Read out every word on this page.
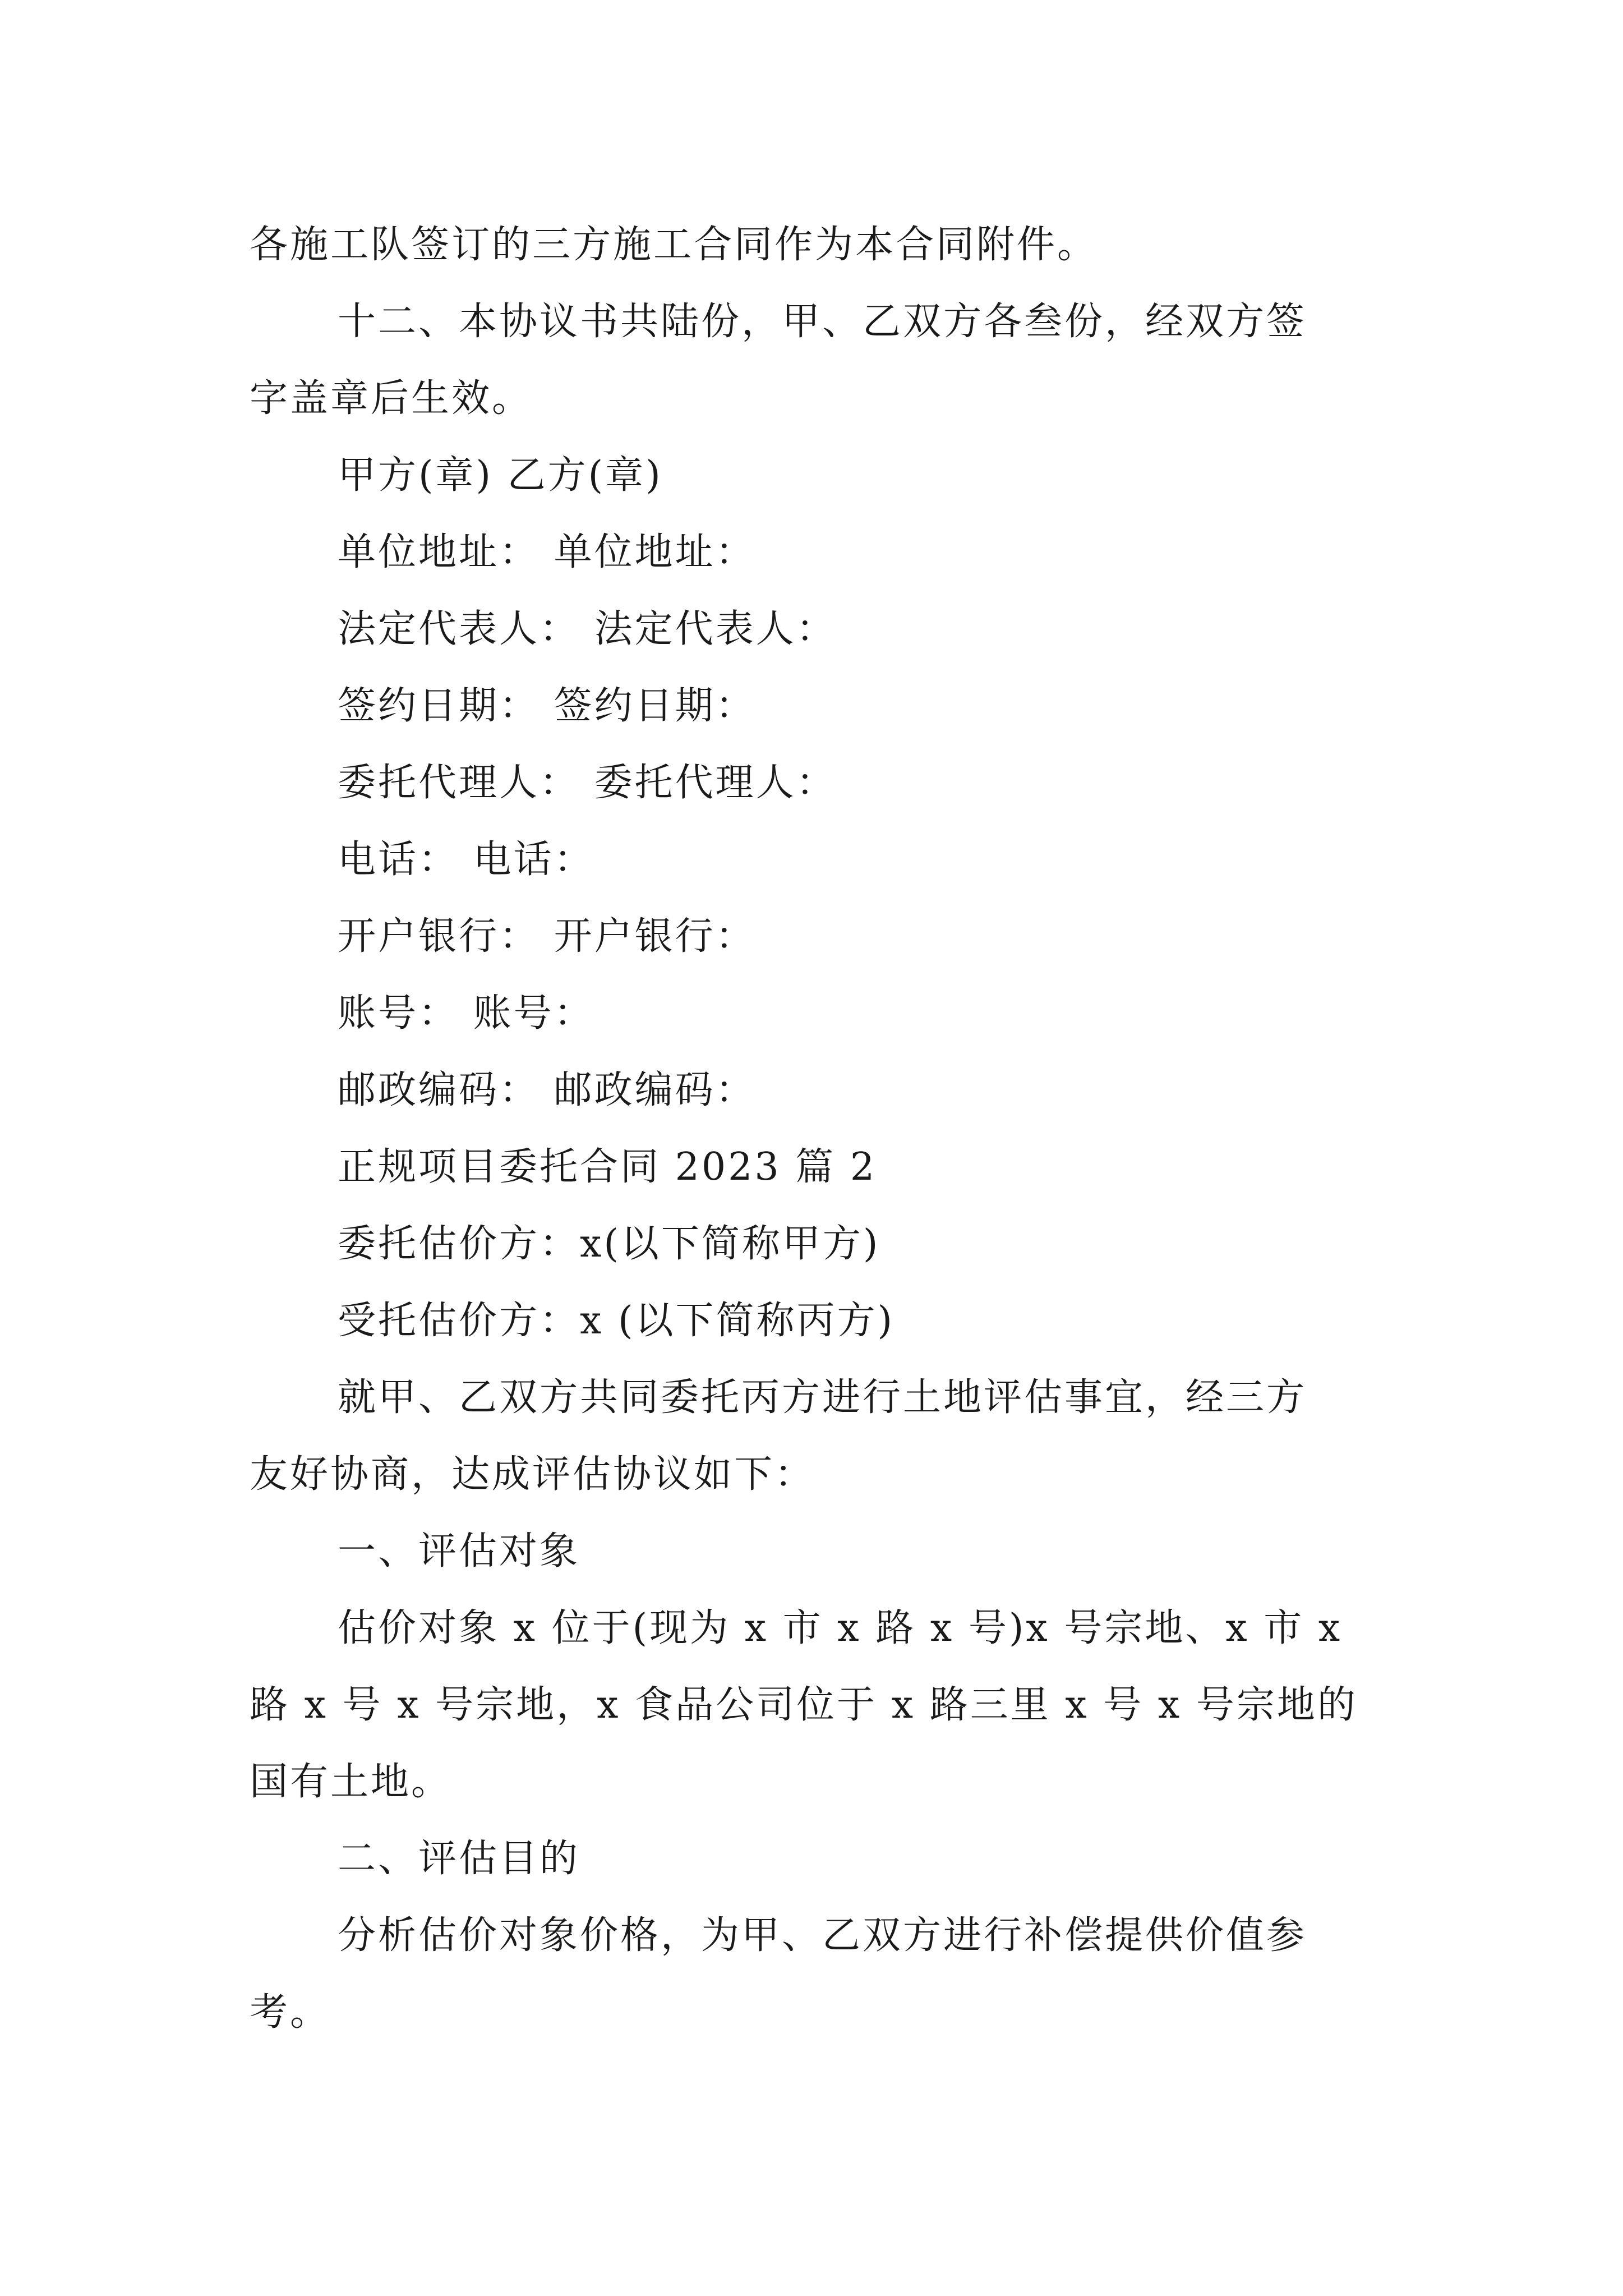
各施工队签订的三方施工合同作为本合同附件。

十二、本协议书共陆份，甲、乙双方各叁份，经双方签

字盖章后生效。

甲方(章) 乙方(章)

单位地址： 单位地址：

法定代表人： 法定代表人：

签约日期： 签约日期：

委托代理人： 委托代理人：

电话： 电话：

开户银行： 开户银行：

账号： 账号：

邮政编码： 邮政编码：

正规项目委托合同 2023 篇 2

委托估价方：x(以下简称甲方)

受托估价方：x (以下简称丙方)

就甲、乙双方共同委托丙方进行土地评估事宜，经三方

友好协商，达成评估协议如下：

一、评估对象

估价对象 x 位于(现为 x 市 x 路 x 号)x 号宗地、x 市 x

路 x 号 x 号宗地，x 食品公司位于 x 路三里 x 号 x 号宗地的

国有土地。

二、评估目的

分析估价对象价格，为甲、乙双方进行补偿提供价值参

考。
